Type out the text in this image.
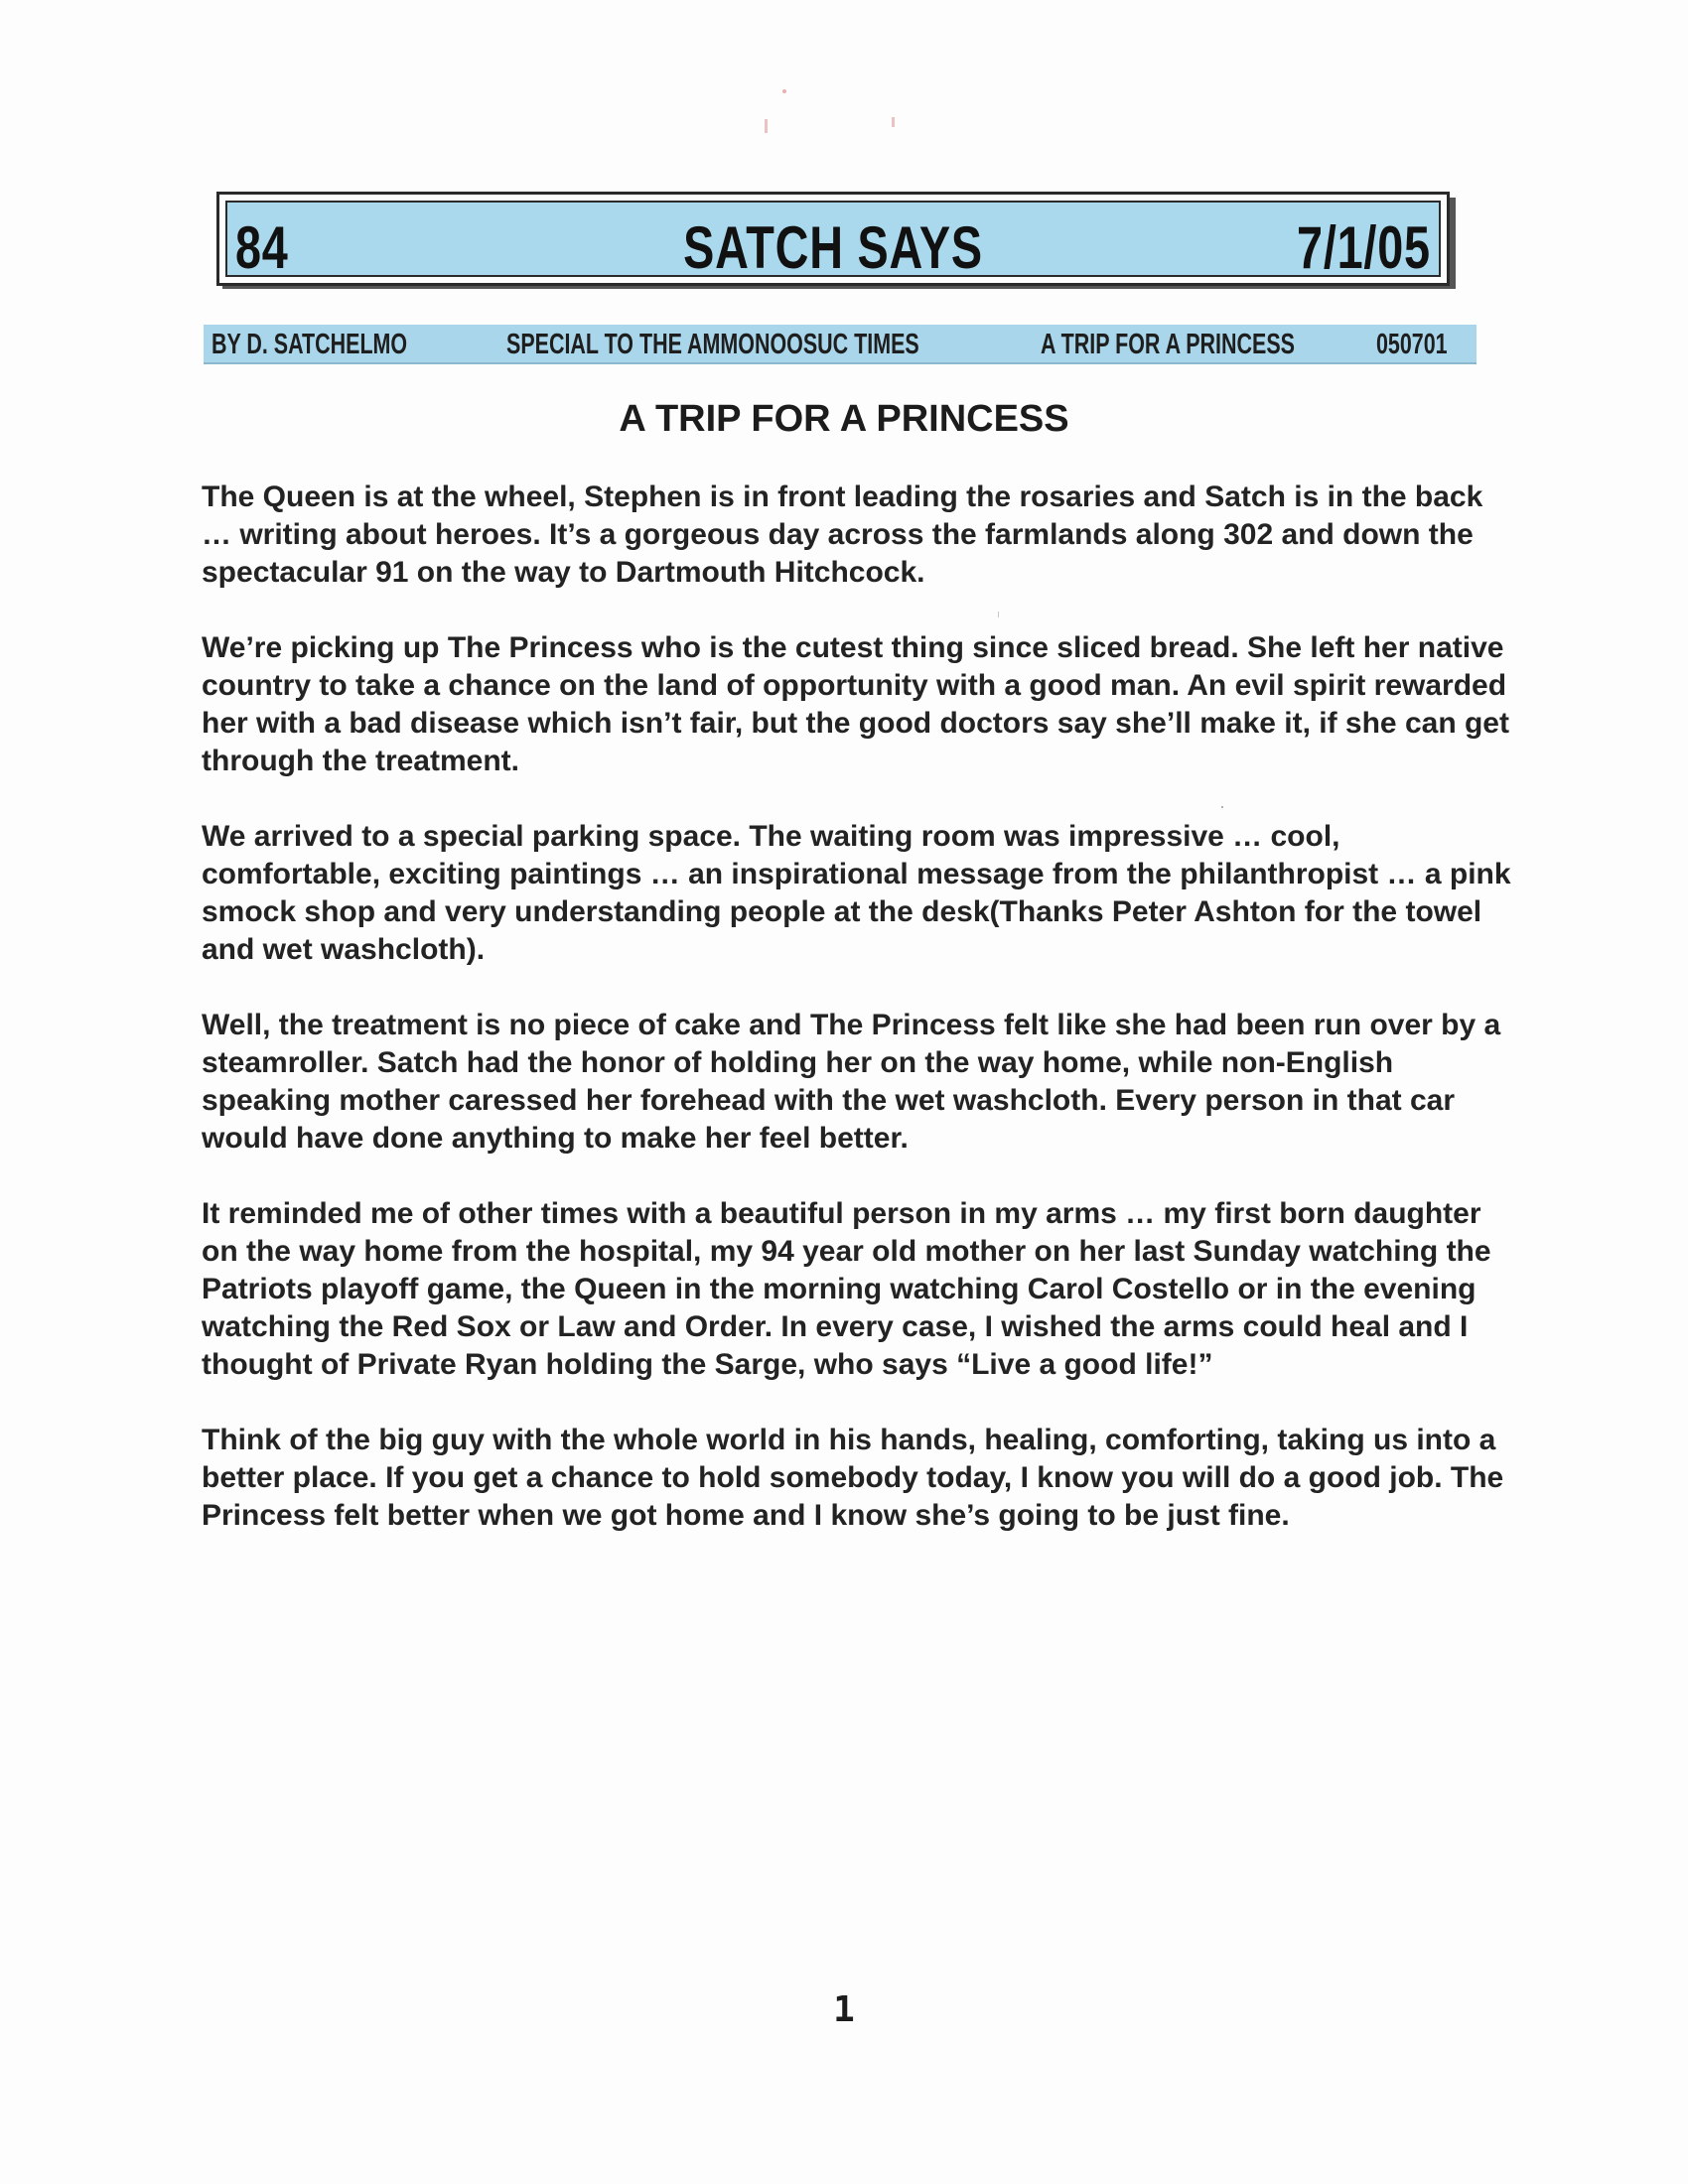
84	SATCH SAYS	7/1/05
BY D. SATCHELMO	SPECIAL TO THE AMMONOOSUC TIMES	A TRIP FOR A PRINCESS	050701
A TRIP FOR A PRINCESS

The Queen is at the wheel, Stephen is in front leading the rosaries and Satch is in the back … writing about heroes. It’s a gorgeous day across the farmlands along 302 and down the spectacular 91 on the way to Dartmouth Hitchcock.

We’re picking up The Princess who is the cutest thing since sliced bread. She left her native country to take a chance on the land of opportunity with a good man. An evil spirit rewarded her with a bad disease which isn’t fair, but the good doctors say she’ll make it, if she can get through the treatment.

We arrived to a special parking space. The waiting room was impressive … cool, comfortable, exciting paintings … an inspirational message from the philanthropist … a pink smock shop and very understanding people at the desk(Thanks Peter Ashton for the towel and wet washcloth).

Well, the treatment is no piece of cake and The Princess felt like she had been run over by a steamroller. Satch had the honor of holding her on the way home, while non-English speaking mother caressed her forehead with the wet washcloth. Every person in that car would have done anything to make her feel better.

It reminded me of other times with a beautiful person in my arms … my first born daughter on the way home from the hospital, my 94 year old mother on her last Sunday watching the Patriots playoff game, the Queen in the morning watching Carol Costello or in the evening watching the Red Sox or Law and Order. In every case, I wished the arms could heal and I thought of Private Ryan holding the Sarge, who says “Live a good life!”

Think of the big guy with the whole world in his hands, healing, comforting, taking us into a better place. If you get a chance to hold somebody today, I know you will do a good job. The Princess felt better when we got home and I know she’s going to be just fine.

1
